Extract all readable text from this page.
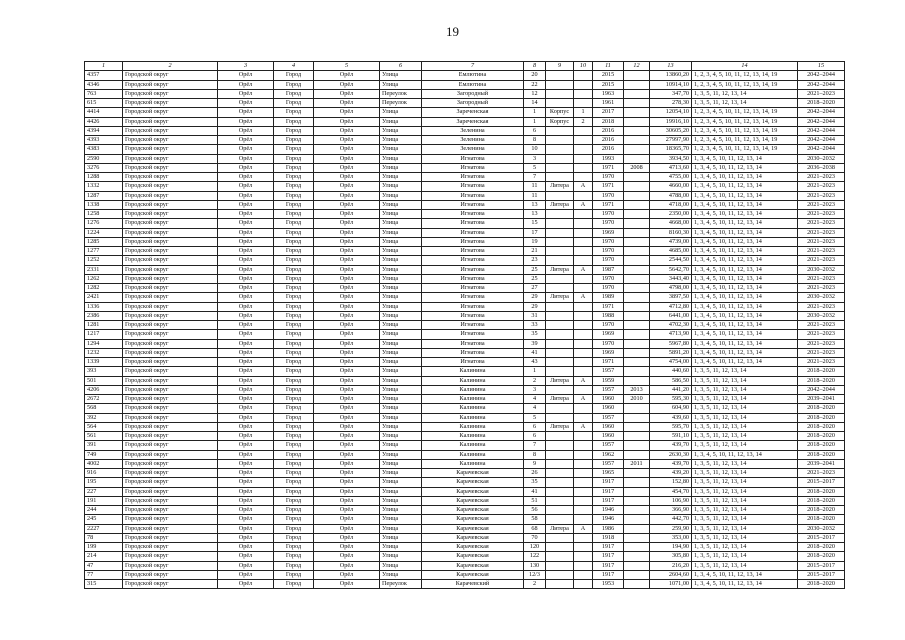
19
1	2	3	4	5	6	7	8	9	10	11	12	13	14	15
4357	Городской округ	Орёл	Город	Орёл	Улица	Емлютина	20			2015		13860,20	1, 2, 3, 4, 5, 10, 11, 12, 13, 14, 19	2042–2044
4346	Городской округ	Орёл	Город	Орёл	Улица	Емлютина	22			2015		10914,10	1, 2, 3, 4, 5, 10, 11, 12, 13, 14, 19	2042–2044
763	Городской округ	Орёл	Город	Орёл	Переулок	Загородный	12			1963		347,70	1, 3, 5, 11, 12, 13, 14	2021–2023
615	Городской округ	Орёл	Город	Орёл	Переулок	Загородный	14			1961		278,30	1, 3, 5, 11, 12, 13, 14	2018–2020
4414	Городской округ	Орёл	Город	Орёл	Улица	Зареченская	1	Корпус	1	2017		12054,10	1, 2, 3, 4, 5, 10, 11, 12, 13, 14, 19	2042–2044
4426	Городской округ	Орёл	Город	Орёл	Улица	Зареченская	1	Корпус	2	2018		19916,10	1, 2, 3, 4, 5, 10, 11, 12, 13, 14, 19	2042–2044
4394	Городской округ	Орёл	Город	Орёл	Улица	Зеленина	6			2016		30605,20	1, 2, 3, 4, 5, 10, 11, 12, 13, 14, 19	2042–2044
4393	Городской округ	Орёл	Город	Орёл	Улица	Зеленина	8			2016		27997,90	1, 2, 3, 4, 5, 10, 11, 12, 13, 14, 19	2042–2044
4383	Городской округ	Орёл	Город	Орёл	Улица	Зеленина	10			2016		18365,70	1, 2, 3, 4, 5, 10, 11, 12, 13, 14, 19	2042–2044
2590	Городской округ	Орёл	Город	Орёл	Улица	Игнатова	3			1993		3934,50	1, 3, 4, 5, 10, 11, 12, 13, 14	2030–2032
3276	Городской округ	Орёл	Город	Орёл	Улица	Игнатова	5			1971	2008	4713,60	1, 3, 4, 5, 10, 11, 12, 13, 14	2036–2038
1288	Городской округ	Орёл	Город	Орёл	Улица	Игнатова	7			1970		4755,00	1, 3, 4, 5, 10, 11, 12, 13, 14	2021–2023
1332	Городской округ	Орёл	Город	Орёл	Улица	Игнатова	11	Литера	А	1971		4660,00	1, 3, 4, 5, 10, 11, 12, 13, 14	2021–2023
1287	Городской округ	Орёл	Город	Орёл	Улица	Игнатова	11			1970		4788,00	1, 3, 4, 5, 10, 11, 12, 13, 14	2021–2023
1338	Городской округ	Орёл	Город	Орёл	Улица	Игнатова	13	Литера	А	1971		4718,00	1, 3, 4, 5, 10, 11, 12, 13, 14	2021–2023
1258	Городской округ	Орёл	Город	Орёл	Улица	Игнатова	13			1970		2350,00	1, 3, 4, 5, 10, 11, 12, 13, 14	2021–2023
1276	Городской округ	Орёл	Город	Орёл	Улица	Игнатова	15			1970		4668,00	1, 3, 4, 5, 10, 11, 12, 13, 14	2021–2023
1224	Городской округ	Орёл	Город	Орёл	Улица	Игнатова	17			1969		8160,30	1, 3, 4, 5, 10, 11, 12, 13, 14	2021–2023
1285	Городской округ	Орёл	Город	Орёл	Улица	Игнатова	19			1970		4739,00	1, 3, 4, 5, 10, 11, 12, 13, 14	2021–2023
1277	Городской округ	Орёл	Город	Орёл	Улица	Игнатова	21			1970		4685,00	1, 3, 4, 5, 10, 11, 12, 13, 14	2021–2023
1252	Городской округ	Орёл	Город	Орёл	Улица	Игнатова	23			1970		2544,50	1, 3, 4, 5, 10, 11, 12, 13, 14	2021–2023
2331	Городской округ	Орёл	Город	Орёл	Улица	Игнатова	25	Литера	А	1987		5642,70	1, 3, 4, 5, 10, 11, 12, 13, 14	2030–2032
1262	Городской округ	Орёл	Город	Орёл	Улица	Игнатова	25			1970		3443,40	1, 3, 4, 5, 10, 11, 12, 13, 14	2021–2023
1282	Городской округ	Орёл	Город	Орёл	Улица	Игнатова	27			1970		4798,00	1, 3, 4, 5, 10, 11, 12, 13, 14	2021–2023
2421	Городской округ	Орёл	Город	Орёл	Улица	Игнатова	29	Литера	А	1989		3897,50	1, 3, 4, 5, 10, 11, 12, 13, 14	2030–2032
1336	Городской округ	Орёл	Город	Орёл	Улица	Игнатова	29			1971		4712,80	1, 3, 4, 5, 10, 11, 12, 13, 14	2021–2023
2386	Городской округ	Орёл	Город	Орёл	Улица	Игнатова	31			1988		6441,00	1, 3, 4, 5, 10, 11, 12, 13, 14	2030–2032
1281	Городской округ	Орёл	Город	Орёл	Улица	Игнатова	33			1970		4702,30	1, 3, 4, 5, 10, 11, 12, 13, 14	2021–2023
1217	Городской округ	Орёл	Город	Орёл	Улица	Игнатова	35			1969		4713,90	1, 3, 4, 5, 10, 11, 12, 13, 14	2021–2023
1294	Городской округ	Орёл	Город	Орёл	Улица	Игнатова	39			1970		5967,80	1, 3, 4, 5, 10, 11, 12, 13, 14	2021–2023
1232	Городской округ	Орёл	Город	Орёл	Улица	Игнатова	41			1969		5891,20	1, 3, 4, 5, 10, 11, 12, 13, 14	2021–2023
1339	Городской округ	Орёл	Город	Орёл	Улица	Игнатова	43			1971		4754,00	1, 3, 4, 5, 10, 11, 12, 13, 14	2021–2023
393	Городской округ	Орёл	Город	Орёл	Улица	Калинина	1			1957		440,60	1, 3, 5, 11, 12, 13, 14	2018–2020
501	Городской округ	Орёл	Город	Орёл	Улица	Калинина	2	Литера	А	1959		586,50	1, 3, 5, 11, 12, 13, 14	2018–2020
4206	Городской округ	Орёл	Город	Орёл	Улица	Калинина	3			1957	2013	441,20	1, 3, 5, 11, 12, 13, 14	2042–2044
2672	Городской округ	Орёл	Город	Орёл	Улица	Калинина	4	Литера	А	1960	2010	595,30	1, 3, 5, 11, 12, 13, 14	2039–2041
568	Городской округ	Орёл	Город	Орёл	Улица	Калинина	4			1960		604,90	1, 3, 5, 11, 12, 13, 14	2018–2020
392	Городской округ	Орёл	Город	Орёл	Улица	Калинина	5			1957		439,60	1, 3, 5, 11, 12, 13, 14	2018–2020
564	Городской округ	Орёл	Город	Орёл	Улица	Калинина	6	Литера	А	1960		595,70	1, 3, 5, 11, 12, 13, 14	2018–2020
561	Городской округ	Орёл	Город	Орёл	Улица	Калинина	6			1960		591,10	1, 3, 5, 11, 12, 13, 14	2018–2020
391	Городской округ	Орёл	Город	Орёл	Улица	Калинина	7			1957		439,70	1, 3, 5, 11, 12, 13, 14	2018–2020
749	Городской округ	Орёл	Город	Орёл	Улица	Калинина	8			1962		2630,30	1, 3, 4, 5, 10, 11, 12, 13, 14	2018–2020
4002	Городской округ	Орёл	Город	Орёл	Улица	Калинина	9			1957	2011	439,70	1, 3, 5, 11, 12, 13, 14	2039–2041
916	Городской округ	Орёл	Город	Орёл	Улица	Карачевская	26			1965		439,20	1, 3, 5, 11, 12, 13, 14	2021–2023
195	Городской округ	Орёл	Город	Орёл	Улица	Карачевская	35			1917		152,80	1, 3, 5, 11, 12, 13, 14	2015–2017
227	Городской округ	Орёл	Город	Орёл	Улица	Карачевская	41			1917		454,70	1, 3, 5, 11, 12, 13, 14	2018–2020
191	Городской округ	Орёл	Город	Орёл	Улица	Карачевская	51			1917		106,90	1, 3, 5, 11, 12, 13, 14	2018–2020
244	Городской округ	Орёл	Город	Орёл	Улица	Карачевская	56			1946		366,90	1, 3, 5, 11, 12, 13, 14	2018–2020
245	Городской округ	Орёл	Город	Орёл	Улица	Карачевская	58			1946		442,70	1, 3, 5, 11, 12, 13, 14	2018–2020
2227	Городской округ	Орёл	Город	Орёл	Улица	Карачевская	68	Литера	А	1986		259,90	1, 3, 5, 11, 12, 13, 14	2030–2032
78	Городской округ	Орёл	Город	Орёл	Улица	Карачевская	70			1918		353,00	1, 3, 5, 11, 12, 13, 14	2015–2017
199	Городской округ	Орёл	Город	Орёл	Улица	Карачевская	120			1917		194,90	1, 3, 5, 11, 12, 13, 14	2018–2020
214	Городской округ	Орёл	Город	Орёл	Улица	Карачевская	122			1917		305,80	1, 3, 5, 11, 12, 13, 14	2018–2020
47	Городской округ	Орёл	Город	Орёл	Улица	Карачевская	130			1917		216,20	1, 3, 5, 11, 12, 13, 14	2015–2017
77	Городской округ	Орёл	Город	Орёл	Улица	Карачевская	12/3			1917		2604,60	1, 3, 4, 5, 10, 11, 12, 13, 14	2015–2017
315	Городской округ	Орёл	Город	Орёл	Переулок	Карачевский	2			1953		1071,00	1, 3, 4, 5, 10, 11, 12, 13, 14	2018–2020
